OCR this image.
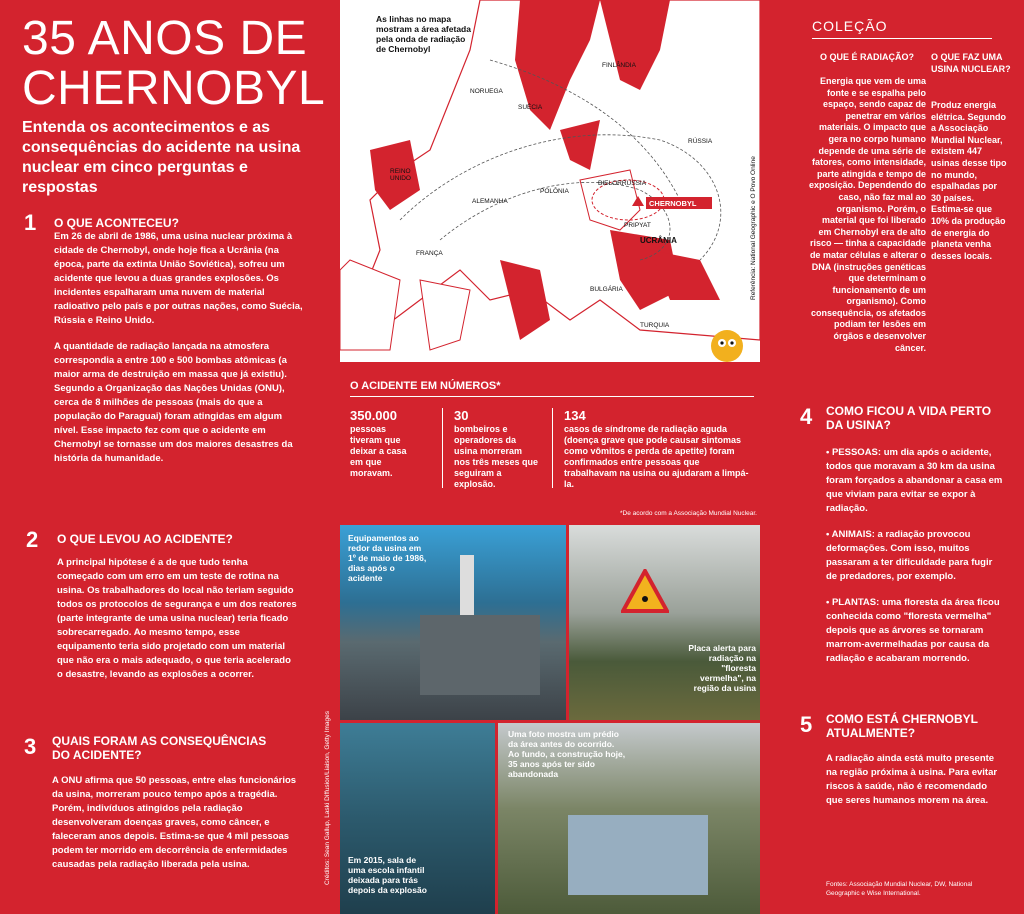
35 ANOS DE
CHERNOBYL
Entenda os acontecimentos e as consequências do acidente na usina nuclear em cinco perguntas e respostas
1 O QUE ACONTECEU?

Em 26 de abril de 1986, uma usina nuclear próxima à cidade de Chernobyl, onde hoje fica a Ucrânia (na época, parte da extinta União Soviética), sofreu um acidente que levou a duas grandes explosões. Os incidentes espalharam uma nuvem de material radioativo pelo país e por outras nações, como Suécia, Rússia e Reino Unido.

A quantidade de radiação lançada na atmosfera correspondia a entre 100 e 500 bombas atômicas (a maior arma de destruição em massa que já existiu). Segundo a Organização das Nações Unidas (ONU), cerca de 8 milhões de pessoas (mais do que a população do Paraguai) foram atingidas em algum nível. Esse impacto fez com que o acidente em Chernobyl se tornasse um dos maiores desastres da história da humanidade.

2 O QUE LEVOU AO ACIDENTE?

A principal hipótese é a de que tudo tenha começado com um erro em um teste de rotina na usina. Os trabalhadores do local não teriam seguido todos os protocolos de segurança e um dos reatores (parte integrante de uma usina nuclear) teria ficado sobrecarregado. Ao mesmo tempo, esse equipamento teria sido projetado com um material que não era o mais adequado, o que teria acelerado o desastre, levando as explosões a ocorrer.

3 QUAIS FORAM AS CONSEQUÊNCIAS
DO ACIDENTE?

A ONU afirma que 50 pessoas, entre elas funcionários da usina, morreram pouco tempo após a tragédia. Porém, indivíduos atingidos pela radiação desenvolveram doenças graves, como câncer, e faleceram anos depois. Estima-se que 4 mil pessoas podem ter morrido em decorrência de enfermidades causadas pela radiação liberada pela usina.

As linhas no mapa mostram a área afetada pela onda de radiação de Chernobyl
FINLÂNDIA
NORUEGA
SUÉCIA
RÚSSIA
REINO UNIDO
BIELORRÚSSIA
POLÔNIA
ALEMANHA
PRIPYAT
UCRÂNIA
FRANÇA
BULGÁRIA
TURQUIA
CHERNOBYL	Referência: National Geographic e O Povo Online
O ACIDENTE EM NÚMEROS*
350.000
pessoas tiveram que deixar a casa em que moravam.
30
bombeiros e operadores da usina morreram nos três meses que seguiram a explosão.
134
casos de síndrome de radiação aguda (doença grave que pode causar sintomas como vômitos e perda de apetite) foram confirmados entre pessoas que trabalhavam na usina ou ajudaram a limpá-la.
*De acordo com a Associação Mundial Nuclear.
Equipamentos ao redor da usina em 1º de maio de 1986, dias após o acidente
Placa alerta para radiação na "floresta vermelha", na região da usina
Em 2015, sala de uma escola infantil deixada para trás depois da explosão
Uma foto mostra um prédio da área antes do ocorrido. Ao fundo, a construção hoje, 35 anos após ter sido abandonada
Créditos: Sean Gallup, Laski Diffusion/Liaison, Getty Images
COLEÇÃO
O QUE É RADIAÇÃO?
Energia que vem de uma fonte e se espalha pelo espaço, sendo capaz de penetrar em vários materiais. O impacto que gera no corpo humano depende de uma série de fatores, como intensidade, parte atingida e tempo de exposição. Dependendo do caso, não faz mal ao organismo. Porém, o material que foi liberado em Chernobyl era de alto risco — tinha a capacidade de matar células e alterar o DNA (instruções genéticas que determinam o funcionamento de um organismo). Como consequência, os afetados podiam ter lesões em órgãos e desenvolver câncer.
O QUE FAZ UMA USINA NUCLEAR?
Produz energia elétrica. Segundo a Associação Mundial Nuclear, existem 447 usinas desse tipo no mundo, espalhadas por 30 países. Estima-se que 10% da produção de energia do planeta venha desses locais.
4 COMO FICOU A VIDA PERTO
DA USINA?

• PESSOAS: um dia após o acidente, todos que moravam a 30 km da usina foram forçados a abandonar a casa em que viviam para evitar se expor à radiação.

• ANIMAIS: a radiação provocou deformações. Com isso, muitos passaram a ter dificuldade para fugir de predadores, por exemplo.

• PLANTAS: uma floresta da área ficou conhecida como "floresta vermelha" depois que as árvores se tornaram marrom-avermelhadas por causa da radiação e acabaram morrendo.

5 COMO ESTÁ CHERNOBYL
ATUALMENTE?

A radiação ainda está muito presente na região próxima à usina. Para evitar riscos à saúde, não é recomendado que seres humanos morem na área.

Fontes: Associação Mundial Nuclear, DW, National Geographic e Wise International.
